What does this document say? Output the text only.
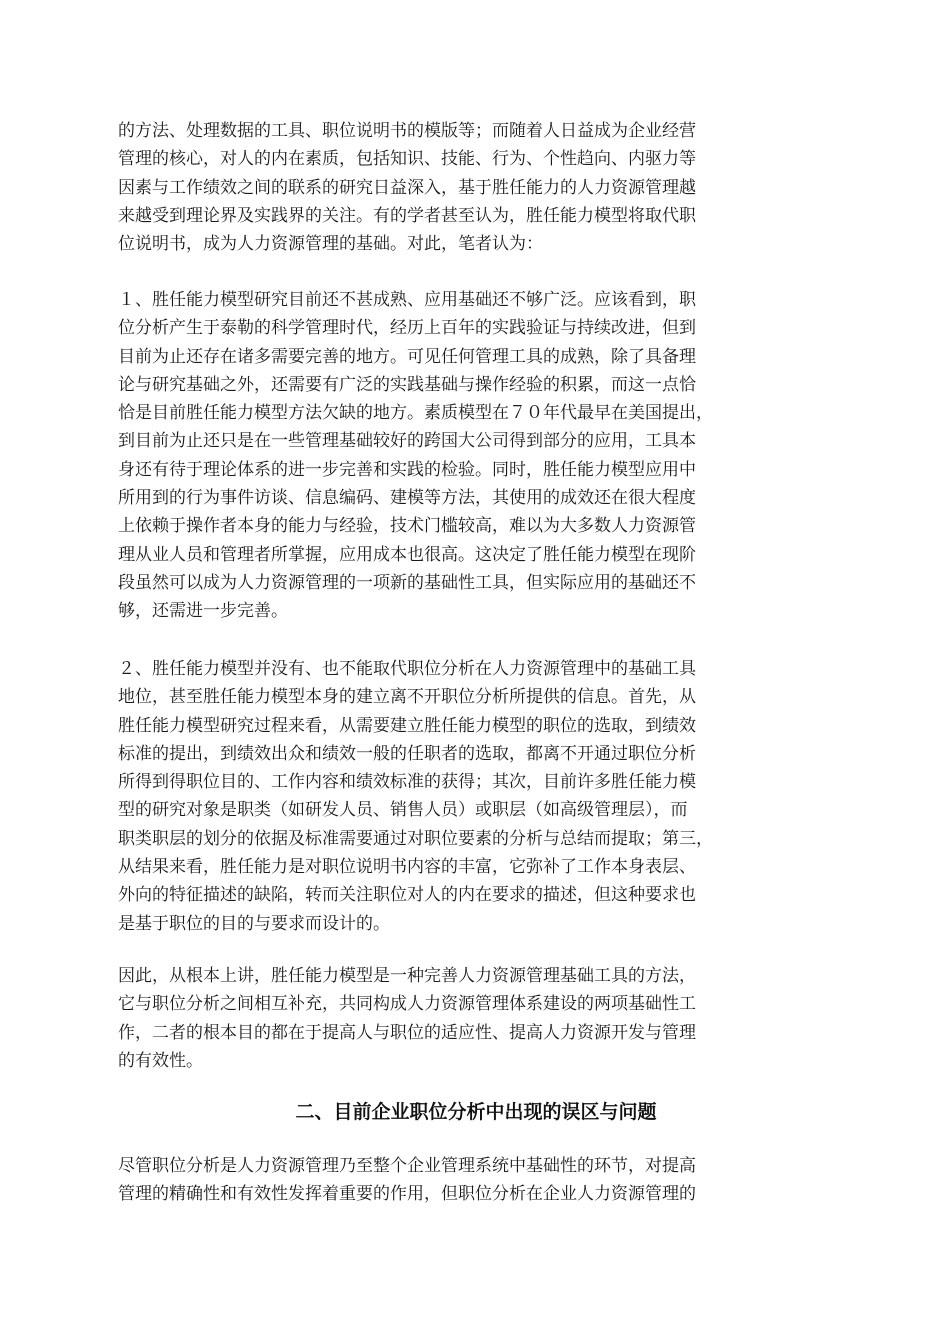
的方法、处理数据的工具、职位说明书的模版等；而随着人日益成为企业经营
管理的核心，对人的内在素质，包括知识、技能、行为、个性趋向、内驱力等
因素与工作绩效之间的联系的研究日益深入，基于胜任能力的人力资源管理越
来越受到理论界及实践界的关注。有的学者甚至认为，胜任能力模型将取代职
位说明书，成为人力资源管理的基础。对此，笔者认为：
１、胜任能力模型研究目前还不甚成熟、应用基础还不够广泛。应该看到，职
位分析产生于泰勒的科学管理时代，经历上百年的实践验证与持续改进，但到
目前为止还存在诸多需要完善的地方。可见任何管理工具的成熟，除了具备理
论与研究基础之外，还需要有广泛的实践基础与操作经验的积累，而这一点恰
恰是目前胜任能力模型方法欠缺的地方。素质模型在７０年代最早在美国提出，
到目前为止还只是在一些管理基础较好的跨国大公司得到部分的应用，工具本
身还有待于理论体系的进一步完善和实践的检验。同时，胜任能力模型应用中
所用到的行为事件访谈、信息编码、建模等方法，其使用的成效还在很大程度
上依赖于操作者本身的能力与经验，技术门槛较高，难以为大多数人力资源管
理从业人员和管理者所掌握，应用成本也很高。这决定了胜任能力模型在现阶
段虽然可以成为人力资源管理的一项新的基础性工具，但实际应用的基础还不
够，还需进一步完善。
２、胜任能力模型并没有、也不能取代职位分析在人力资源管理中的基础工具
地位，甚至胜任能力模型本身的建立离不开职位分析所提供的信息。首先，从
胜任能力模型研究过程来看，从需要建立胜任能力模型的职位的选取，到绩效
标准的提出，到绩效出众和绩效一般的任职者的选取，都离不开通过职位分析
所得到得职位目的、工作内容和绩效标准的获得；其次，目前许多胜任能力模
型的研究对象是职类（如研发人员、销售人员）或职层（如高级管理层），而
职类职层的划分的依据及标准需要通过对职位要素的分析与总结而提取；第三，
从结果来看，胜任能力是对职位说明书内容的丰富，它弥补了工作本身表层、
外向的特征描述的缺陷，转而关注职位对人的内在要求的描述，但这种要求也
是基于职位的目的与要求而设计的。
因此，从根本上讲，胜任能力模型是一种完善人力资源管理基础工具的方法，
它与职位分析之间相互补充，共同构成人力资源管理体系建设的两项基础性工
作，二者的根本目的都在于提高人与职位的适应性、提高人力资源开发与管理
的有效性。
二、目前企业职位分析中出现的误区与问题
尽管职位分析是人力资源管理乃至整个企业管理系统中基础性的环节，对提高
管理的精确性和有效性发挥着重要的作用，但职位分析在企业人力资源管理的
